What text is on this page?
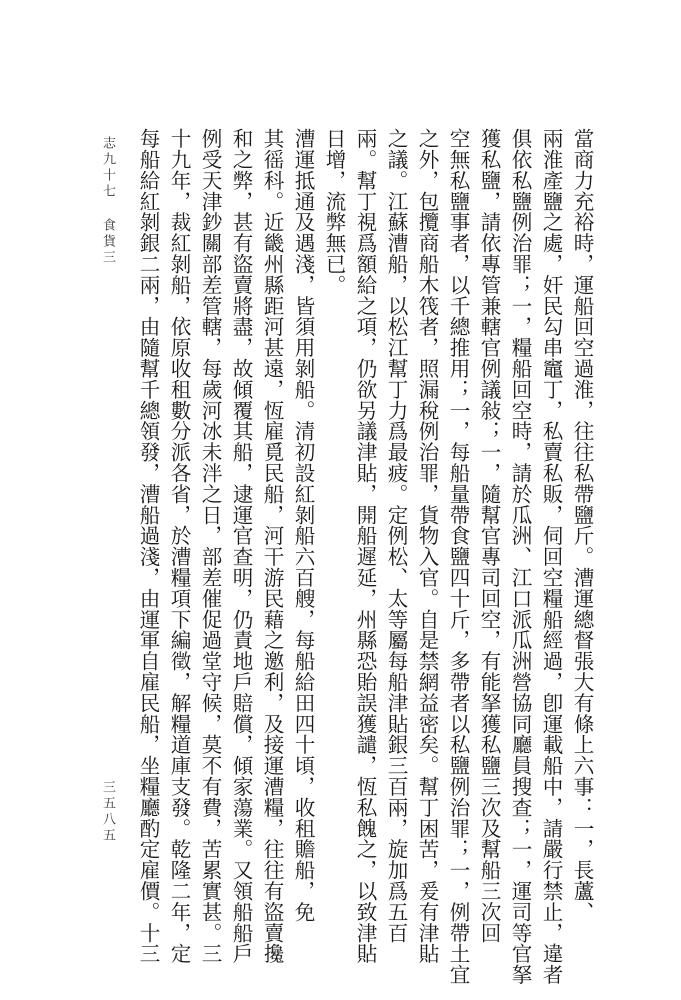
當商力充裕時，運船回空過淮，往往私帶鹽斤。漕運總督張大有條上六事：一，長蘆、
兩淮產鹽之處，奸民勾串竈丁，私賣私販，伺回空糧船經過，卽運載船中，請嚴行禁止，違者
俱依私鹽例治罪；一，糧船回空時，請於瓜洲、江口派瓜洲營協同廳員搜查；一，運司等官拏
獲私鹽，請依專管兼轄官例議敍；一，隨幫官專司回空，有能拏獲私鹽三次及幫船三次回
空無私鹽事者，以千總推用；一，每船量帶食鹽四十斤，多帶者以私鹽例治罪；一，例帶土宜
之外，包攬商船木筏者，照漏稅例治罪，貨物入官。自是禁網益密矣。幫丁困苦，爰有津貼
之議。江蘇漕船，以松江幫丁力爲最疲。定例松、太等屬每船津貼銀三百兩，旋加爲五百
兩。幫丁視爲額給之項，仍欲另議津貼，開船遲延，州縣恐貽誤獲譴，恆私餽之，以致津貼
日增，流弊無已。
漕運抵通及遇淺，皆須用剝船。清初設紅剝船六百艘，每船給田四十頃，收租贍船，免
其徭科。近畿州縣距河甚遠，恆雇覓民船，河干游民藉之邀利，及接運漕糧，往往有盜賣攙
和之弊，甚有盜賣將盡，故傾覆其船，逮運官查明，仍責地戶賠償，傾家蕩業。又領船船戶
例受天津鈔關部差管轄，每歲河冰未泮之日，部差催促過堂守候，莫不有費，苦累實甚。三
十九年，裁紅剝船，依原收租數分派各省，於漕糧項下編徵，解糧道庫支發。乾隆二年，定
每船給紅剝銀二兩，由隨幫千總領發，漕船過淺，由運軍自雇民船，坐糧廳酌定雇價。十三
志九十七 食貨三
三五八五
